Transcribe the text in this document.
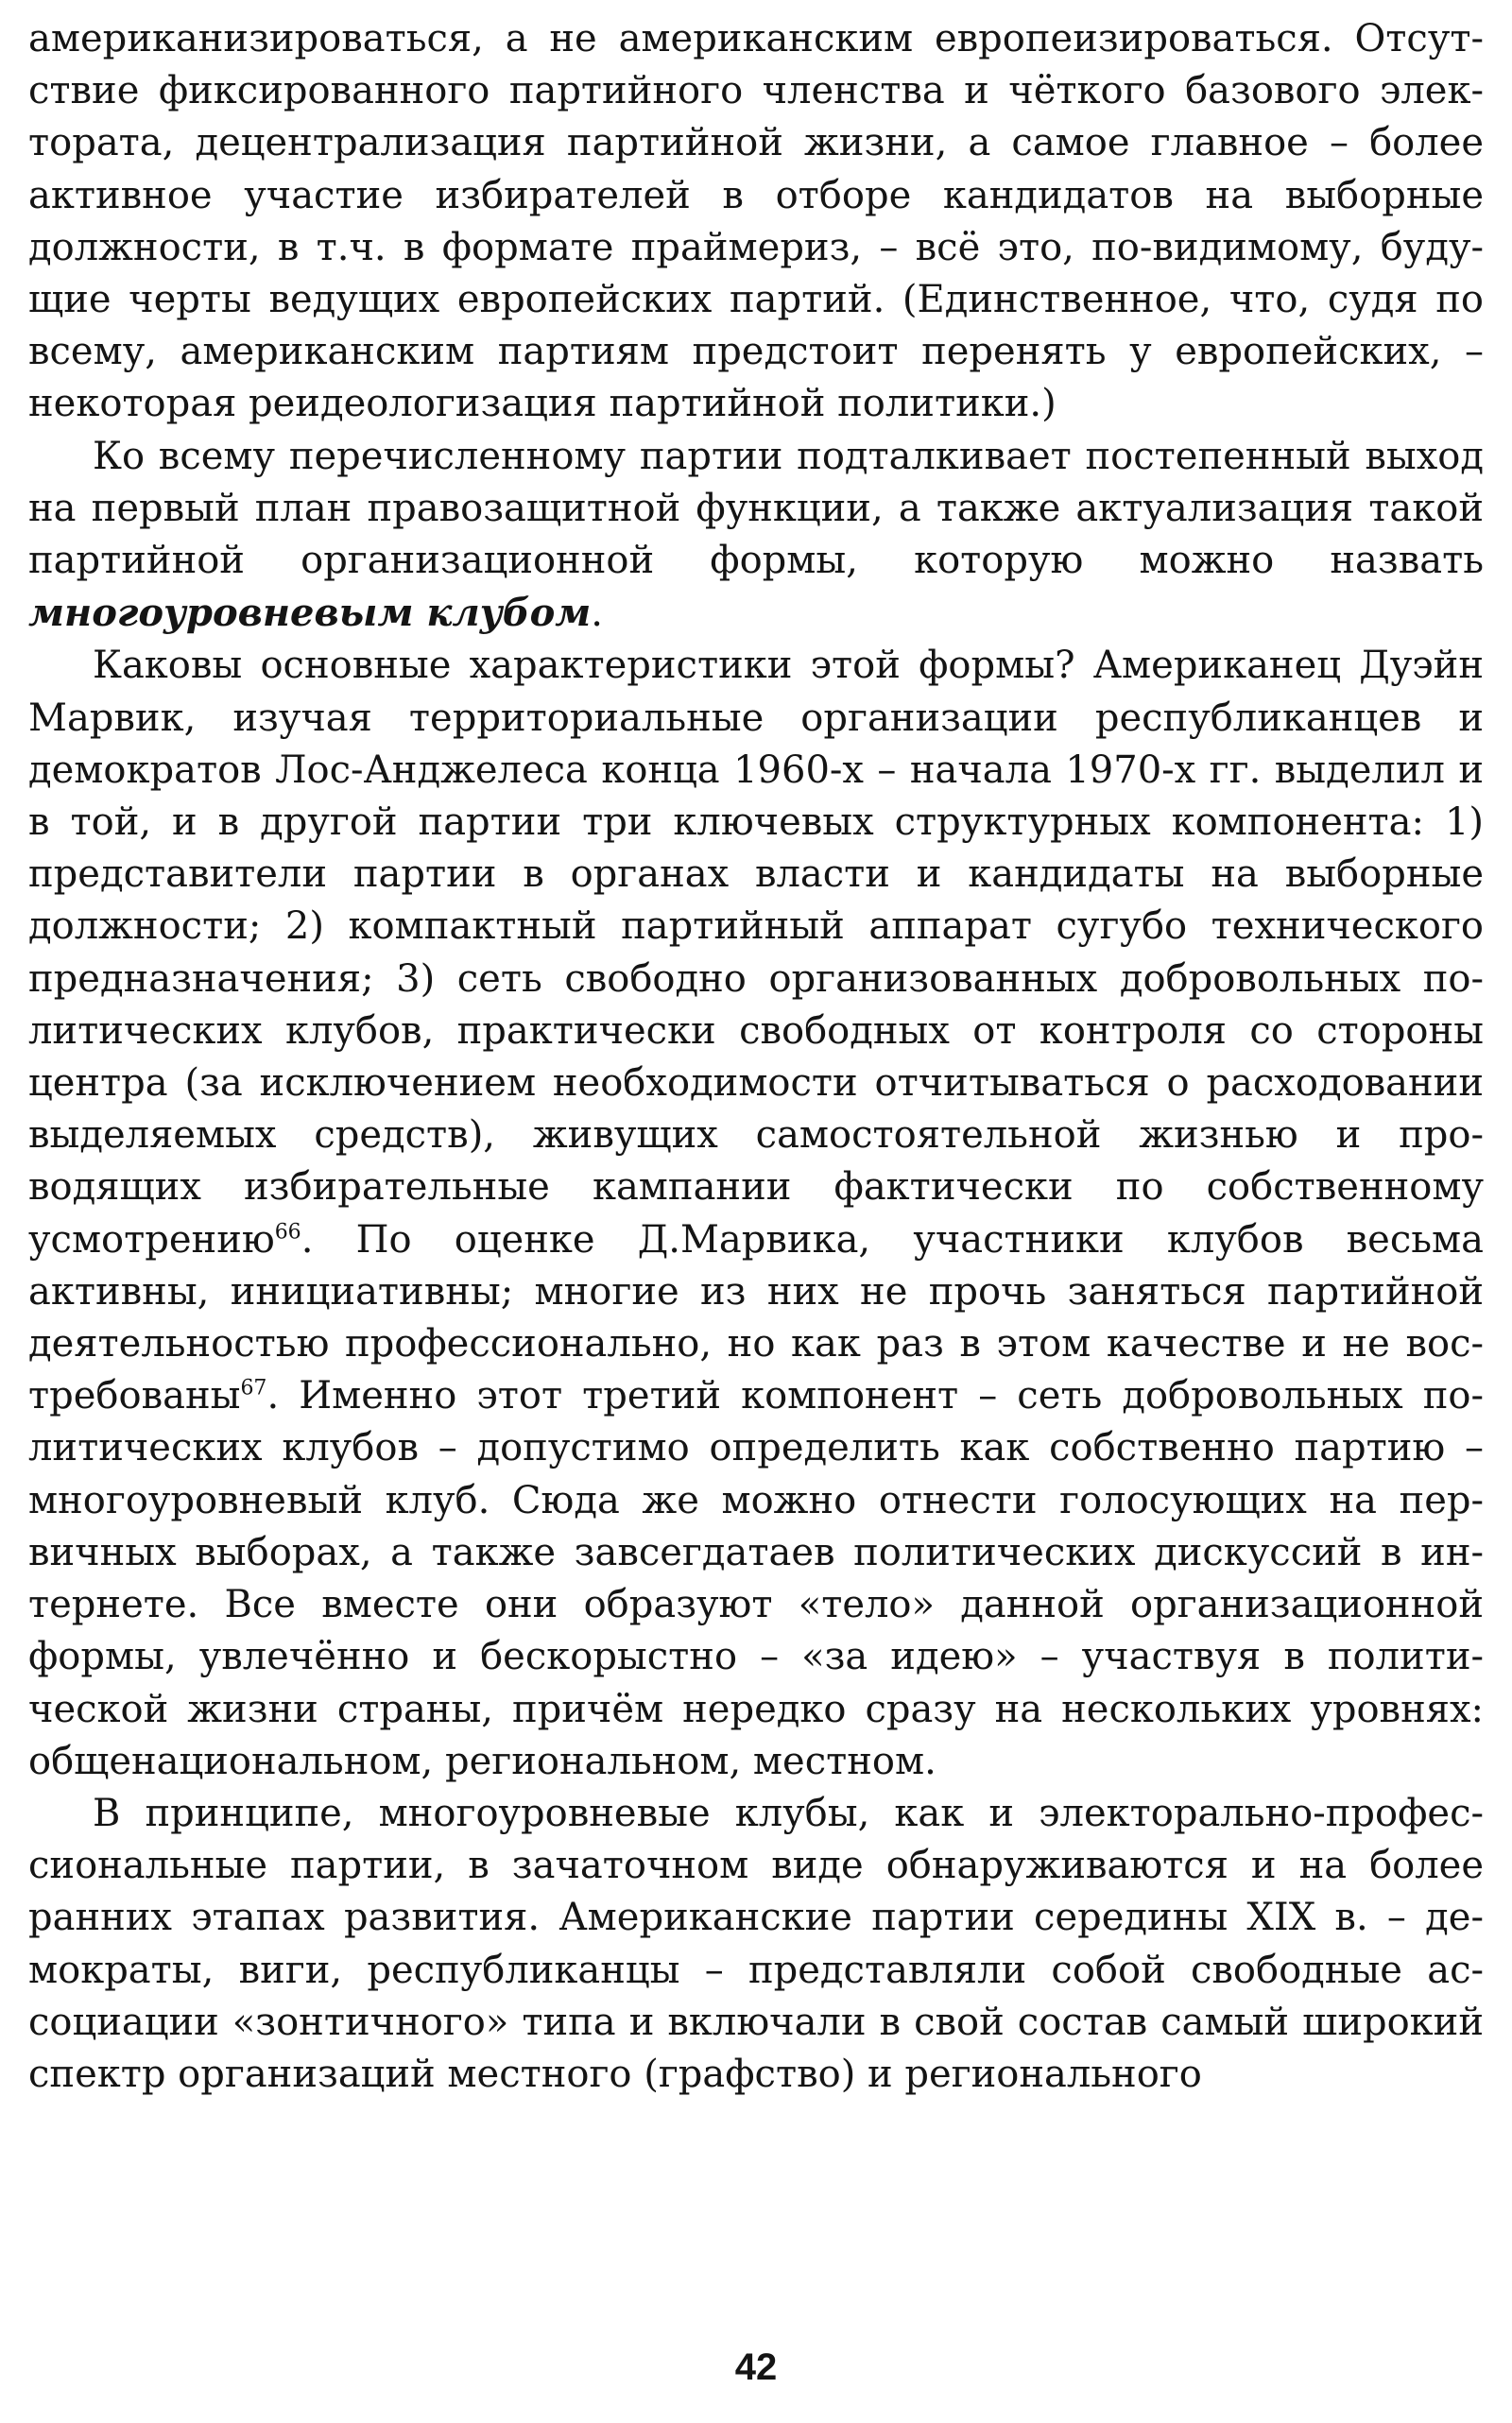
американизироваться, а не американским европеизироваться. Отсутствие фиксированного партийного членства и чёткого базового электората, децентрализация партийной жизни, а самое главное – более активное участие избирателей в отборе кандидатов на выборные должности, в т.ч. в формате праймериз, – всё это, по-видимому, будущие черты ведущих европейских партий. (Единственное, что, судя по всему, американским партиям предстоит перенять у европейских, – некоторая реидеологизация партийной политики.)

Ко всему перечисленному партии подталкивает постепенный выход на первый план правозащитной функции, а также актуализация такой партийной организационной формы, которую можно назвать многоуровневым клубом.

Каковы основные характеристики этой формы? Американец Дуэйн Марвик, изучая территориальные организации республиканцев и демократов Лос-Анджелеса конца 1960-х – начала 1970-х гг. выделил и в той, и в другой партии три ключевых структурных компонента: 1) представители партии в органах власти и кандидаты на выборные должности; 2) компактный партийный аппарат сугубо технического предназначения; 3) сеть свободно организованных добровольных политических клубов, практически свободных от контроля со стороны центра (за исключением необходимости отчитываться о расходовании выделяемых средств), живущих самостоятельной жизнью и проводящих избирательные кампании фактически по собственному усмотрению$^{66}$. По оценке Д.Марвика, участники клубов весьма активны, инициативны; многие из них не прочь заняться партийной деятельностью профессионально, но как раз в этом качестве и не востребованы$^{67}$. Именно этот третий компонент – сеть добровольных политических клубов – допустимо определить как собственно партию – многоуровневый клуб. Сюда же можно отнести голосующих на первичных выборах, а также завсегдатаев политических дискуссий в интернете. Все вместе они образуют «тело» данной организационной формы, увлечённо и бескорыстно – «за идею» – участвуя в политической жизни страны, причём нередко сразу на нескольких уровнях: общенациональном, региональном, местном.

В принципе, многоуровневые клубы, как и электорально-профессиональные партии, в зачаточном виде обнаруживаются и на более ранних этапах развития. Американские партии середины XIX в. – демократы, виги, республиканцы – представляли собой свободные ассоциации «зонтичного» типа и включали в свой состав самый широкий спектр организаций местного (графство) и регионального

42
